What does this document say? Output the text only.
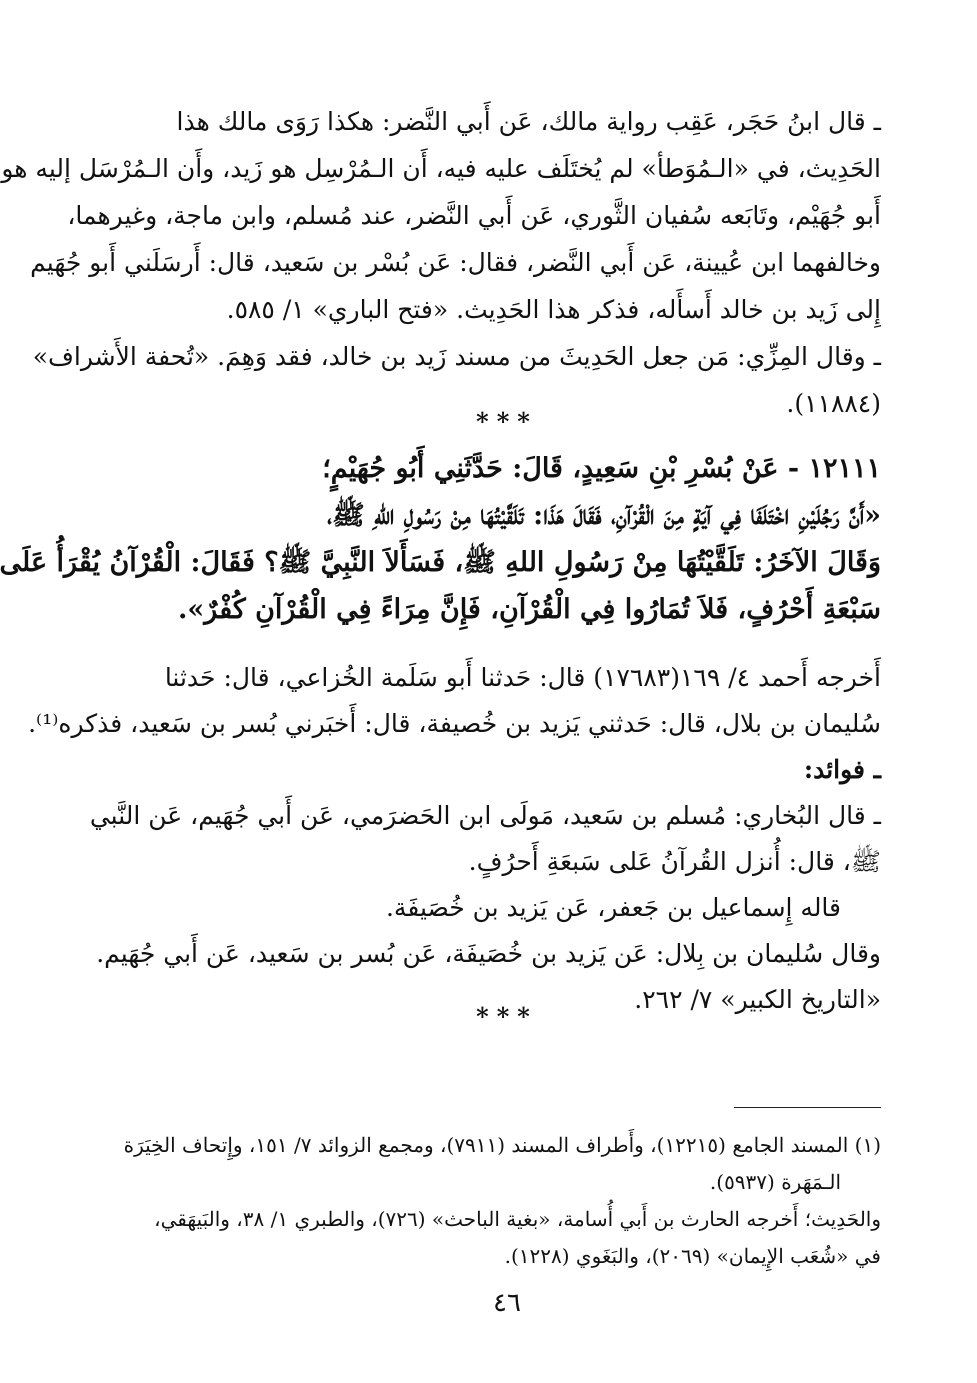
ـ قال ابنُ حَجَر، عَقِب رواية مالك، عَن أَبي النَّضر: هكذا رَوَى مالك هذا
الحَدِيث، في «الـمُوَطأ» لم يُختَلَف عليه فيه، أَن الـمُرْسِل هو زَيد، وأَن الـمُرْسَل إليه هو
أَبو جُهَيْم، وتَابَعه سُفيان الثَّوري، عَن أَبي النَّضر، عند مُسلم، وابن ماجة، وغيرهما،
وخالفهما ابن عُيينة، عَن أَبي النَّضر، فقال: عَن بُسْر بن سَعيد، قال: أَرسَلَني أَبو جُهَيم
إِلى زَيد بن خالد أَسأَله، فذكر هذا الحَدِيث. «فتح الباري» ١/ ٥٨٥.
ـ وقال المِزِّي: مَن جعل الحَدِيثَ من مسند زَيد بن خالد، فقد وَهِمَ. «تُحفة الأَشراف»
(١١٨٨٤).
***
١٢١١١ - عَنْ بُسْرِ بْنِ سَعِيدٍ، قَالَ: حَدَّثَنِي أَبُو جُهَيْمٍ؛
«أَنَّ رَجُلَيْنِ اخْتَلَفَا فِي آيَةٍ مِنَ الْقُرْآنِ، فَقَالَ هَذَا: تَلَقَّيْتُهَا مِنْ رَسُولِ اللهِ ﷺ،
وَقَالَ الآخَرُ: تَلَقَّيْتُهَا مِنْ رَسُولِ اللهِ ﷺ، فَسَأَلاَ النَّبِيَّ ﷺ؟ فَقَالَ: الْقُرْآنُ يُقْرَأُ عَلَى
سَبْعَةِ أَحْرُفٍ، فَلاَ تُمَارُوا فِي الْقُرْآنِ، فَإِنَّ مِرَاءً فِي الْقُرْآنِ كُفْرٌ».
أَخرجه أَحمد ٤/ ١٦٩(١٧٦٨٣) قال: حَدثنا أَبو سَلَمة الخُزاعي، قال: حَدثنا
سُليمان بن بلال، قال: حَدثني يَزيد بن خُصيفة، قال: أَخبَرني بُسر بن سَعيد، فذكره⁽¹⁾.
ـ فوائد:
ـ قال البُخاري: مُسلم بن سَعيد، مَولَى ابن الحَضرَمي، عَن أَبي جُهَيم، عَن النَّبي
ﷺ، قال: أُنزل القُرآنُ عَلى سَبعَةِ أَحرُفٍ.
قاله إِسماعيل بن جَعفر، عَن يَزيد بن خُصَيفَة.
وقال سُليمان بن بِلال: عَن يَزيد بن خُصَيفَة، عَن بُسر بن سَعيد، عَن أَبي جُهَيم.
«التاريخ الكبير» ٧/ ٢٦٢.
***
(١) المسند الجامع (١٢٢١٥)، وأَطراف المسند (٧٩١١)، ومجمع الزوائد ٧/ ١٥١، وإِتحاف الخِيَرَة
الـمَهَرة (٥٩٣٧).
والحَدِيث؛ أَخرجه الحارث بن أَبي أُسامة، «بغية الباحث» (٧٢٦)، والطبري ١/ ٣٨، والبَيهَقي،
في «شُعَب الإِيمان» (٢٠٦٩)، والبَغَوي (١٢٢٨).
٤٦
